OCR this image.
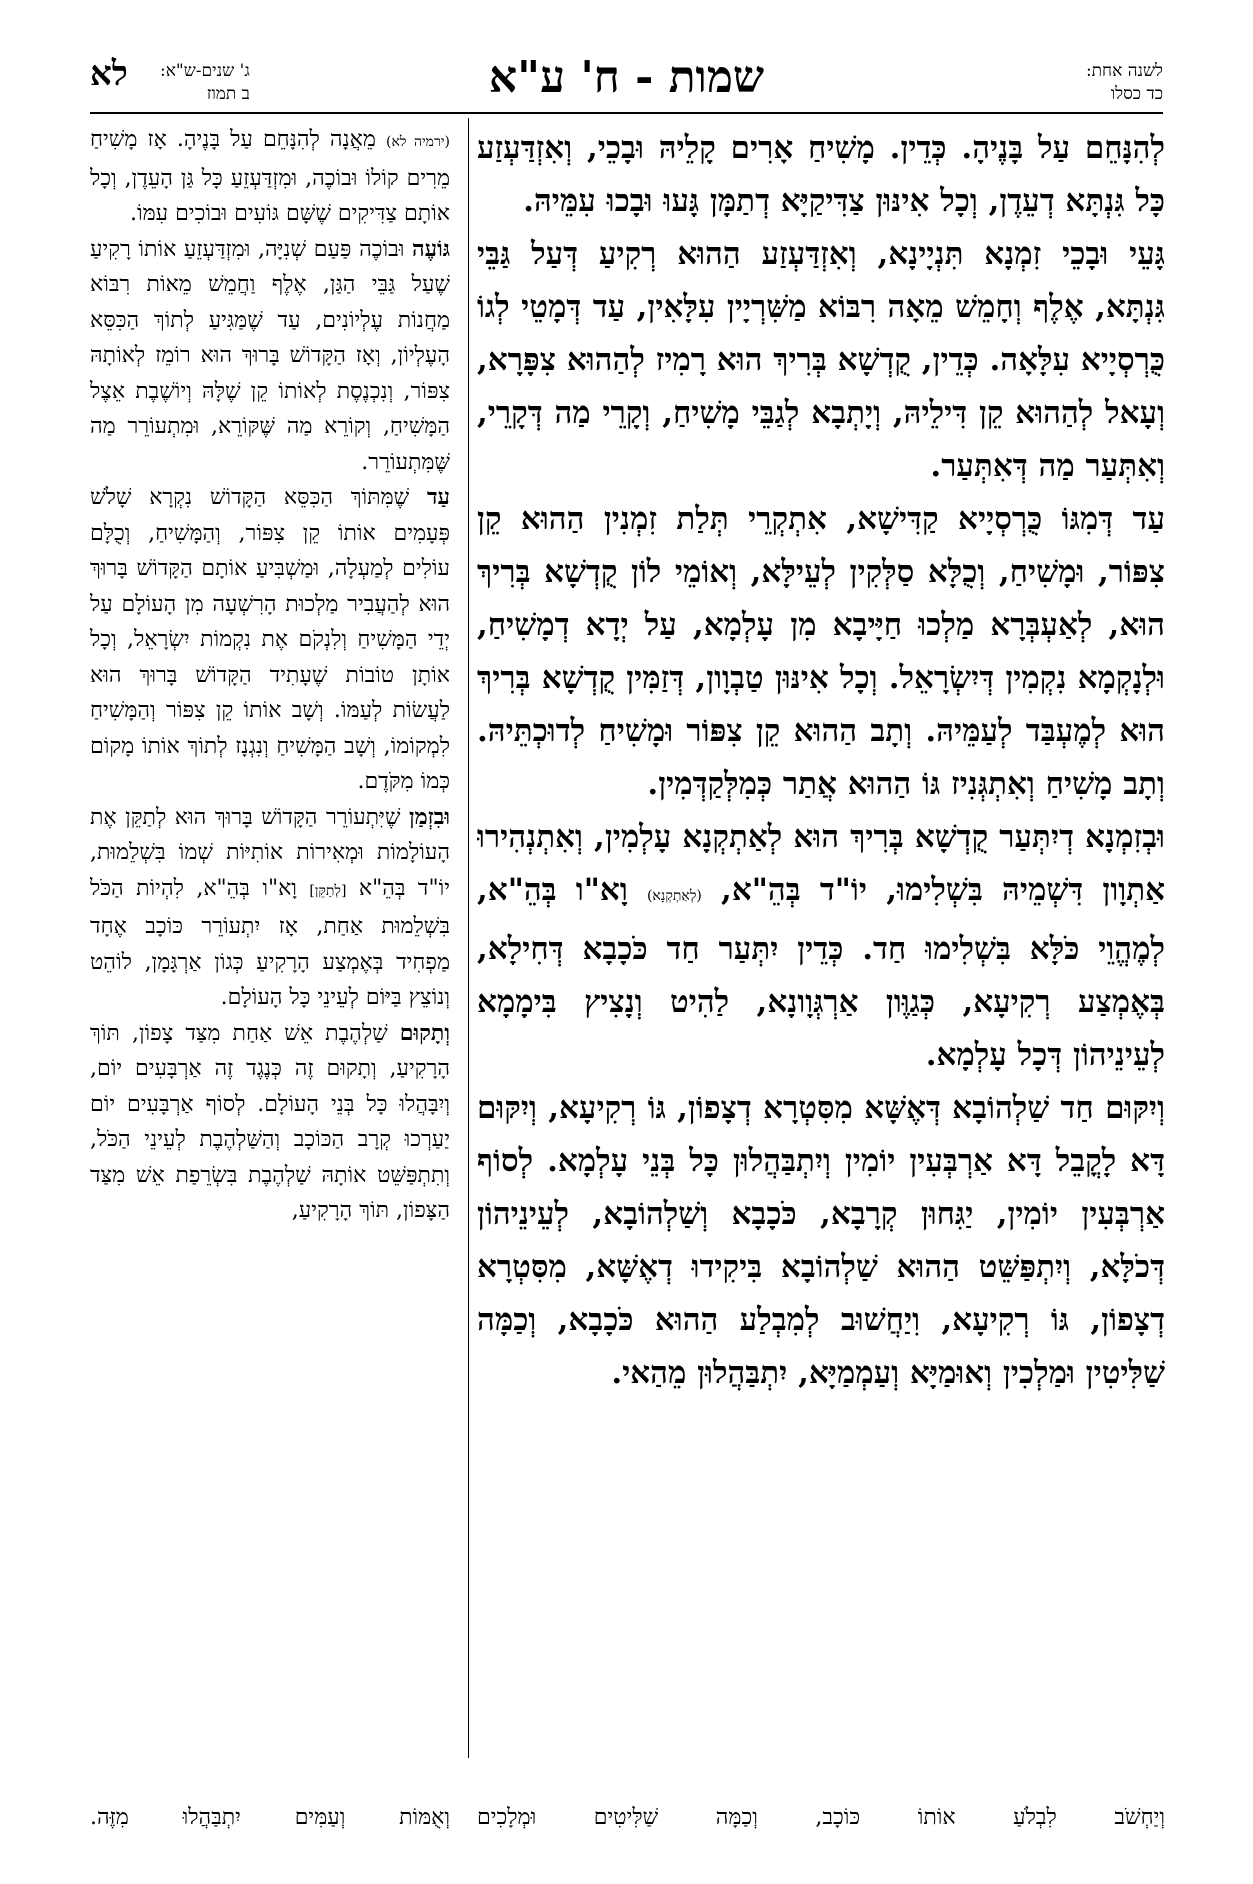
לשנה אחת:
כד כסלו
שמות - ח' ע"א
ג' שנים-ש"א:
ב תמוז
לא

לְהִנָּחֵם עַל בָּנֶיהָ. כְּדֵין. מָשִׁיחַ אָרִים קָלֵיהּ וּבָכֵי, וְאִזְדַּעְזַע כָּל גִּנְתָּא דְעֵדֶן, וְכָל אִינּוּן צַדִּיקַיָּא דְתַמָּן גָּעוּ וּבָכוּ עִמֵּיהּ.

גָּעֵי וּבָכֵי זִמְנָא תִּנְיָינָא, וְאִזְדַּעְזַע הַהוּא רְקִיעַ דְּעַל גַּבֵּי גִּנְתָּא, אֶלֶף וְחָמֵשׁ מֵאָה רִבּוֹא מַשִּׁרְיָין עִלָּאִין, עַד דְּמָטֵי לְגוֹ כֻּרְסְיָיא עִלָּאָה. כְּדֵין, קֻדְשָׁא בְּרִיךְ הוּא רָמִיז לְהַהוּא צִפָּרָא, וְעָאל לְהַהוּא קֵן דִּילֵיהּ, וְיָתְבָא לְגַבֵּי מָשִׁיחַ, וְקָרֵי מַה דְּקָרֵי, וְאִתְּעַר מַה דְּאִתְּעַר.

עַד דְּמִגּוֹ כֻּרְסְיָיא קַדִּישָׁא, אִתְקְרֵי תְּלַת זִמְנִין הַהוּא קֵן צִפּוֹר, וּמָשִׁיחַ, וְכֻלָּא סַלְּקִין לְעֵילָּא, וְאוֹמֵי לוֹן קֻדְשָׁא בְּרִיךְ הוּא, לְאַעְבְּרָא מַלְכוּ חַיָּיבָא מִן עָלְמָא, עַל יְדָא דְמָשִׁיחַ, וּלְנָקְמָא נִקְמִין דְּיִשְׂרָאֵל. וְכָל אִינּוּן טַבְוָון, דְּזַמִּין קֻדְשָׁא בְּרִיךְ הוּא לְמֶעְבַּד לְעַמֵּיהּ. וְתָב הַהוּא קֵן צִפּוֹר וּמָשִׁיחַ לְדוּכְתֵּיהּ. וְתָב מָשִׁיחַ וְאִתְגְּנִיז גּוֹ הַהוּא אֲתַר כְּמִלְּקַדְּמִין.

וּבְזִמְנָא דְיִתְּעַר קֻדְשָׁא בְּרִיךְ הוּא לְאַתְקְנָא עָלְמִין, וְאִתְנְהִירוּ אַתְוָון דִּשְׁמֵיהּ בִּשְׁלִימוּ, יוֹ"ד בְּהֵ"א, (לְאַתְקְנָא) וָא"ו בְּהֵ"א, לְמֶהֱוֵי כֹּלָּא בִּשְׁלִימוּ חַד. כְּדֵין יִתְּעַר חַד כֹּכָבָא דְּחִילָא, בְּאֶמְצַע רְקִיעָא, כְּגַוֶּון אַרְגְּוָונָא, לַהִיט וְנָצִיץ בִּימָמָא לְעֵינֵיהוֹן דְּכָל עָלְמָא.

וְיִקּוּם חַד שַׁלְהוֹבָא דְּאֶשָּׁא מִסִּטְרָא דְצָפוֹן, גּוֹ רְקִיעָא, וְיִקּוּם דָּא לָקֳבֵל דָּא אַרְבְּעִין יוֹמִין וְיִתְבַּהֲלוּן כָּל בְּנֵי עָלְמָא. לְסוֹף אַרְבְּעִין יוֹמִין, יַגִּחוּן קְרָבָא, כֹּכָבָא וְשַׁלְהוֹבָא, לְעֵינֵיהוֹן דְּכֹלָּא, וְיִתְפַּשֵּׁט הַהוּא שַׁלְהוֹבָא בִּיקִידוּ דְאֶשָּׁא, מִסִּטְרָא דְצָפוֹן, גּוֹ רְקִיעָא, וִיַחֲשׁוּב לְמִבְלַע הַהוּא כֹּכָבָא, וְכַמָּה שַׁלִּיטִין וּמַלְכִין וְאוּמַיָּא וְעַמְמַיָּא, יִתְבַּהֲלוּן מֵהַאי.

(ירמיה לא) מֵאֲנָה לְהִנָּחֵם עַל בָּנֶיהָ. אָז מָשִׁיחַ מֵרִים קוֹלוֹ וּבוֹכֶה, וּמִזְדַּעְזֵעַ כָּל גַּן הָעֵדֶן, וְכָל אוֹתָם צַדִּיקִים שֶׁשָּׁם גּוֹעִים וּבוֹכִים עִמּוֹ.

גּוֹעֶה וּבוֹכֶה פַּעַם שְׁנִיָּה, וּמִזְדַּעְזֵעַ אוֹתוֹ רָקִיעַ שֶׁעַל גַּבֵּי הַגַּן, אֶלֶף וַחֲמֵשׁ מֵאוֹת רִבּוֹא מַחֲנוֹת עֶלְיוֹנִים, עַד שֶׁמַּגִּיעַ לְתוֹךְ הַכִּסֵּא הָעֶלְיוֹן, וְאָז הַקָּדוֹשׁ בָּרוּךְ הוּא רוֹמֵז לְאוֹתָהּ צִפּוֹר, וְנִכְנֶסֶת לְאוֹתוֹ קֵן שֶׁלָּהּ וְיוֹשֶׁבֶת אֵצֶל הַמָּשִׁיחַ, וְקוֹרֵא מַה שֶּׁקּוֹרֵא, וּמִתְעוֹרֵר מַה שֶּׁמִּתְעוֹרֵר.

עַד שֶׁמִּתּוֹךְ הַכִּסֵּא הַקָּדוֹשׁ נִקְרָא שָׁלֹשׁ פְּעָמִים אוֹתוֹ קֵן צִפּוֹר, וְהַמָּשִׁיחַ, וְכֻלָּם עוֹלִים לְמַעְלָה, וּמַשְׁבִּיעַ אוֹתָם הַקָּדוֹשׁ בָּרוּךְ הוּא לְהַעֲבִיר מַלְכוּת הָרִשְׁעָה מִן הָעוֹלָם עַל יְדֵי הַמָּשִׁיחַ וְלִנְקֹם אֶת נִקְמוֹת יִשְׂרָאֵל, וְכָל אוֹתָן טוֹבוֹת שֶׁעָתִיד הַקָּדוֹשׁ בָּרוּךְ הוּא לַעֲשׂוֹת לְעַמּוֹ. וְשָׁב אוֹתוֹ קֵן צִפּוֹר וְהַמָּשִׁיחַ לִמְקוֹמוֹ, וְשָׁב הַמָּשִׁיחַ וְנִגְנָז לְתוֹךְ אוֹתוֹ מָקוֹם כְּמוֹ מִקֹּדֶם.

וּבִזְמַן שֶׁיִּתְעוֹרֵר הַקָּדוֹשׁ בָּרוּךְ הוּא לְתַקֵּן אֶת הָעוֹלָמוֹת וּמְאִירוֹת אוֹתִיּוֹת שְׁמוֹ בִּשְׁלֵמוּת, יוֹ"ד בְּהֵ"א [לְתַקֵּן] וָא"ו בְּהֵ"א, לִהְיוֹת הַכֹּל בִּשְׁלֵמוּת אַחַת, אָז יִתְעוֹרֵר כּוֹכָב אֶחָד מַפְחִיד בְּאֶמְצַע הָרָקִיעַ כְּגוֹן אַרְגָּמָן, לוֹהֵט וְנוֹצֵץ בַּיּוֹם לְעֵינֵי כָּל הָעוֹלָם.

וְתָקוּם שַׁלְהֶבֶת אֵשׁ אַחַת מִצַּד צָפוֹן, תּוֹךְ הָרָקִיעַ, וְתָקוּם זֶה כְּנֶגֶד זֶה אַרְבָּעִים יוֹם, וְיִבָּהֲלוּ כָּל בְּנֵי הָעוֹלָם. לְסוֹף אַרְבָּעִים יוֹם יַעַרְכוּ קְרָב הַכּוֹכָב וְהַשַּׁלְהֶבֶת לְעֵינֵי הַכֹּל, וְתִתְפַּשֵּׁט אוֹתָהּ שַׁלְהֶבֶת בִּשְׂרֵפַת אֵשׁ מִצַּד הַצָּפוֹן, תּוֹךְ הָרָקִיעַ,

וְיַחְשֹׁב לִבְלֹעַ אוֹתוֹ כּוֹכָב, וְכַמָּה שַׁלִּיטִים וּמְלָכִים
וְאֻמּוֹת וְעַמִּים יִתְבַּהֲלוּ מִזֶּה.
